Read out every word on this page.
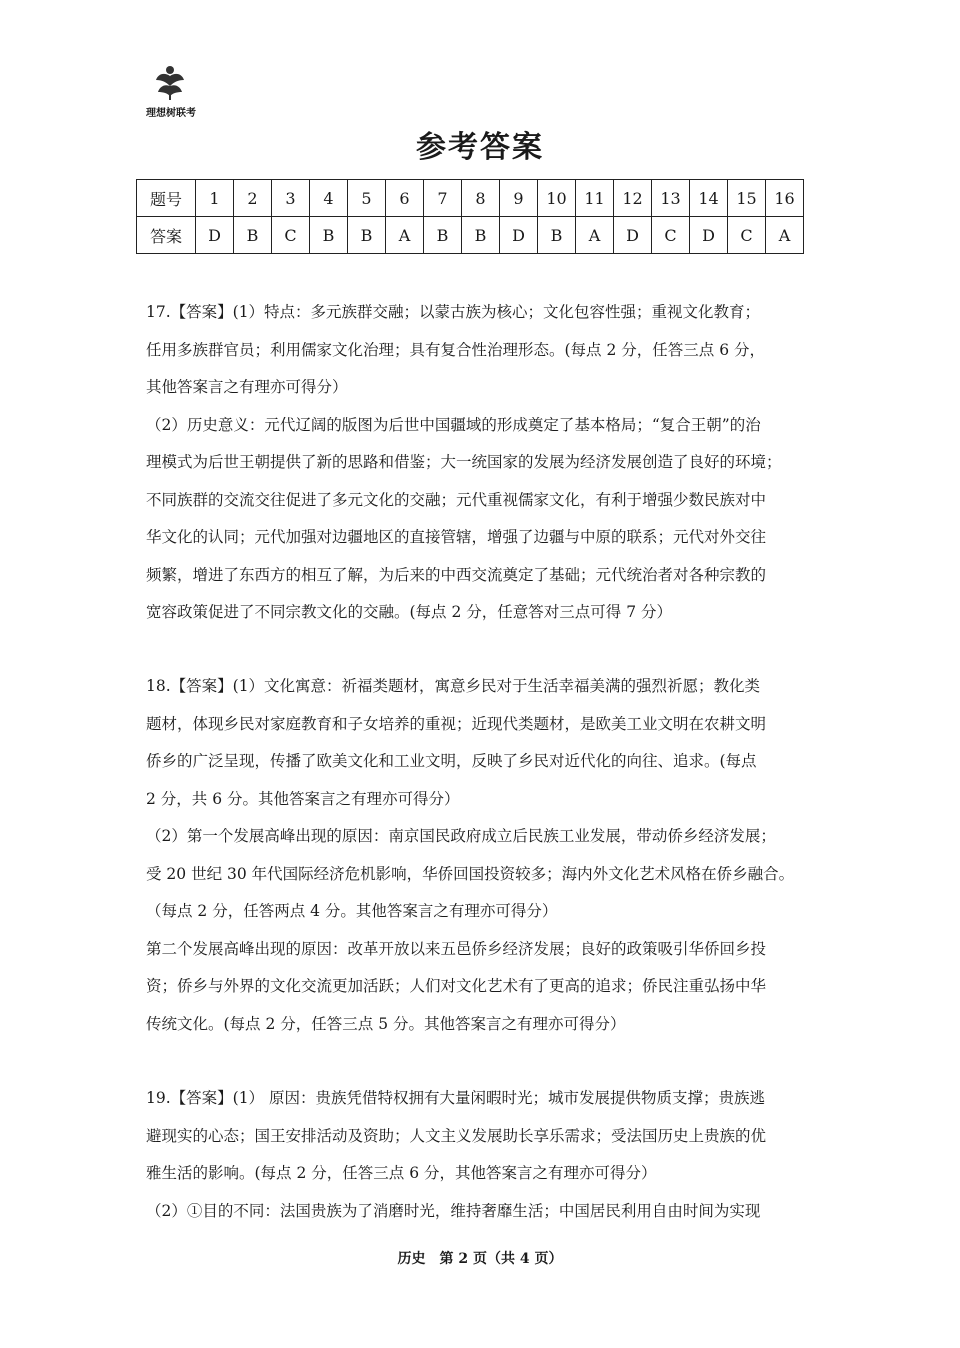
理想树联考
参考答案
题号	1	2	3	4	5	6	7	8	9	10	11	12	13	14	15	16
答案	D	B	C	B	B	A	B	B	D	B	A	D	C	D	C	A

17.【答案】(1）特点：多元族群交融；以蒙古族为核心；文化包容性强；重视文化教育；

任用多族群官员；利用儒家文化治理；具有复合性治理形态。(每点 2 分，任答三点 6 分，

其他答案言之有理亦可得分）

（2）历史意义：元代辽阔的版图为后世中国疆域的形成奠定了基本格局；“复合王朝”的治

理模式为后世王朝提供了新的思路和借鉴；大一统国家的发展为经济发展创造了良好的环境；

不同族群的交流交往促进了多元文化的交融；元代重视儒家文化，有利于增强少数民族对中

华文化的认同；元代加强对边疆地区的直接管辖，增强了边疆与中原的联系；元代对外交往

频繁，增进了东西方的相互了解，为后来的中西交流奠定了基础；元代统治者对各种宗教的

宽容政策促进了不同宗教文化的交融。(每点 2 分，任意答对三点可得 7 分）

18.【答案】(1）文化寓意：祈福类题材，寓意乡民对于生活幸福美满的强烈祈愿；教化类

题材，体现乡民对家庭教育和子女培养的重视；近现代类题材，是欧美工业文明在农耕文明

侨乡的广泛呈现，传播了欧美文化和工业文明，反映了乡民对近代化的向往、追求。(每点

2 分，共 6 分。其他答案言之有理亦可得分）

（2）第一个发展高峰出现的原因：南京国民政府成立后民族工业发展，带动侨乡经济发展；

受 20 世纪 30 年代国际经济危机影响，华侨回国投资较多；海内外文化艺术风格在侨乡融合。

（每点 2 分，任答两点 4 分。其他答案言之有理亦可得分）

第二个发展高峰出现的原因：改革开放以来五邑侨乡经济发展；良好的政策吸引华侨回乡投

资；侨乡与外界的文化交流更加活跃；人们对文化艺术有了更高的追求；侨民注重弘扬中华

传统文化。(每点 2 分，任答三点 5 分。其他答案言之有理亦可得分）

19.【答案】(1） 原因：贵族凭借特权拥有大量闲暇时光；城市发展提供物质支撑；贵族逃

避现实的心态；国王安排活动及资助；人文主义发展助长享乐需求；受法国历史上贵族的优

雅生活的影响。(每点 2 分，任答三点 6 分，其他答案言之有理亦可得分）

（2）①目的不同：法国贵族为了消磨时光，维持奢靡生活；中国居民利用自由时间为实现

历史　第 2 页（共 4 页）
